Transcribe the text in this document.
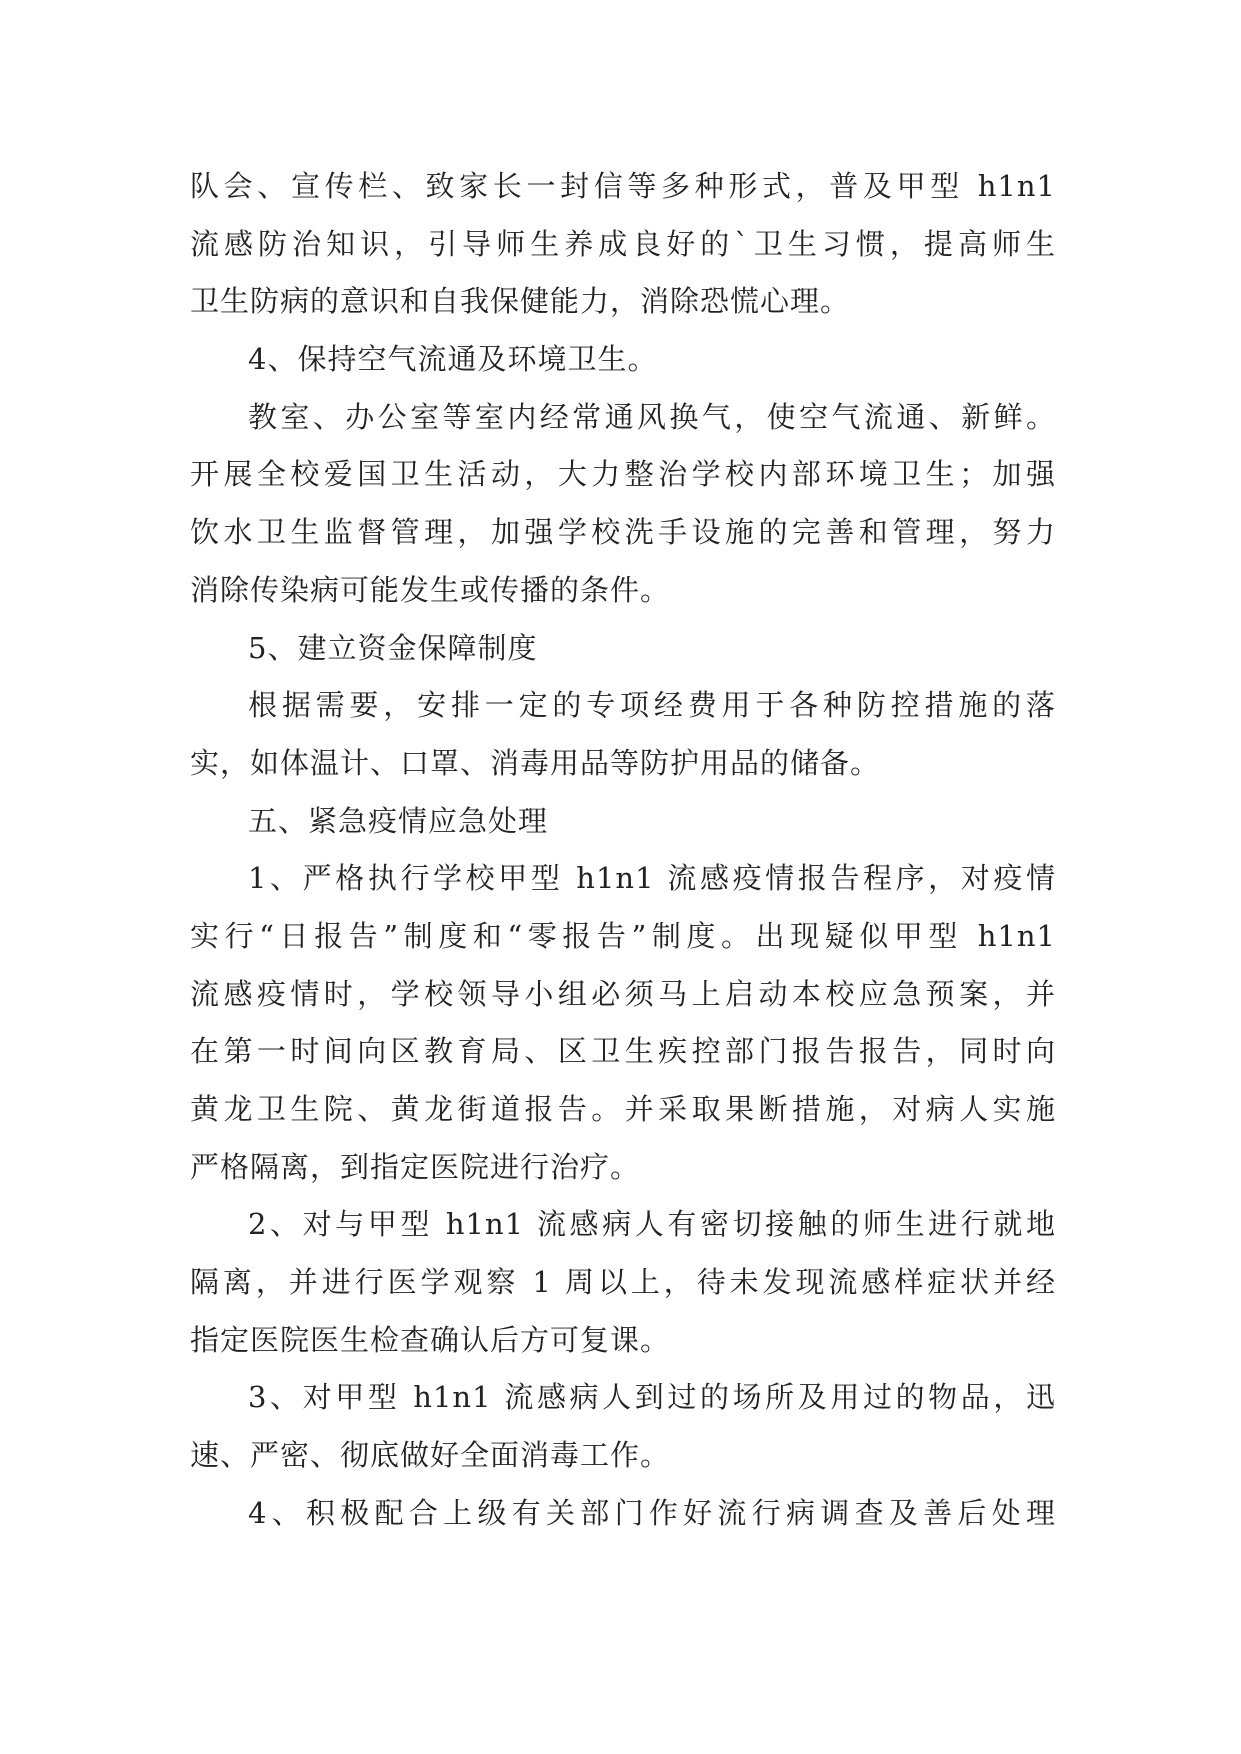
队会、宣传栏、致家长一封信等多种形式，普及甲型 h1n1
流感防治知识，引导师生养成良好的`卫生习惯，提高师生
卫生防病的意识和自我保健能力，消除恐慌心理。
4、保持空气流通及环境卫生。
教室、办公室等室内经常通风换气，使空气流通、新鲜。
开展全校爱国卫生活动，大力整治学校内部环境卫生；加强
饮水卫生监督管理，加强学校洗手设施的完善和管理，努力
消除传染病可能发生或传播的条件。
5、建立资金保障制度
根据需要，安排一定的专项经费用于各种防控措施的落
实，如体温计、口罩、消毒用品等防护用品的储备。
五、紧急疫情应急处理
1、严格执行学校甲型 h1n1 流感疫情报告程序，对疫情
实行“日报告”制度和“零报告”制度。出现疑似甲型 h1n1
流感疫情时，学校领导小组必须马上启动本校应急预案，并
在第一时间向区教育局、区卫生疾控部门报告报告，同时向
黄龙卫生院、黄龙街道报告。并采取果断措施，对病人实施
严格隔离，到指定医院进行治疗。
2、对与甲型 h1n1 流感病人有密切接触的师生进行就地
隔离，并进行医学观察 1 周以上，待未发现流感样症状并经
指定医院医生检查确认后方可复课。
3、对甲型 h1n1 流感病人到过的场所及用过的物品，迅
速、严密、彻底做好全面消毒工作。
4、积极配合上级有关部门作好流行病调查及善后处理
